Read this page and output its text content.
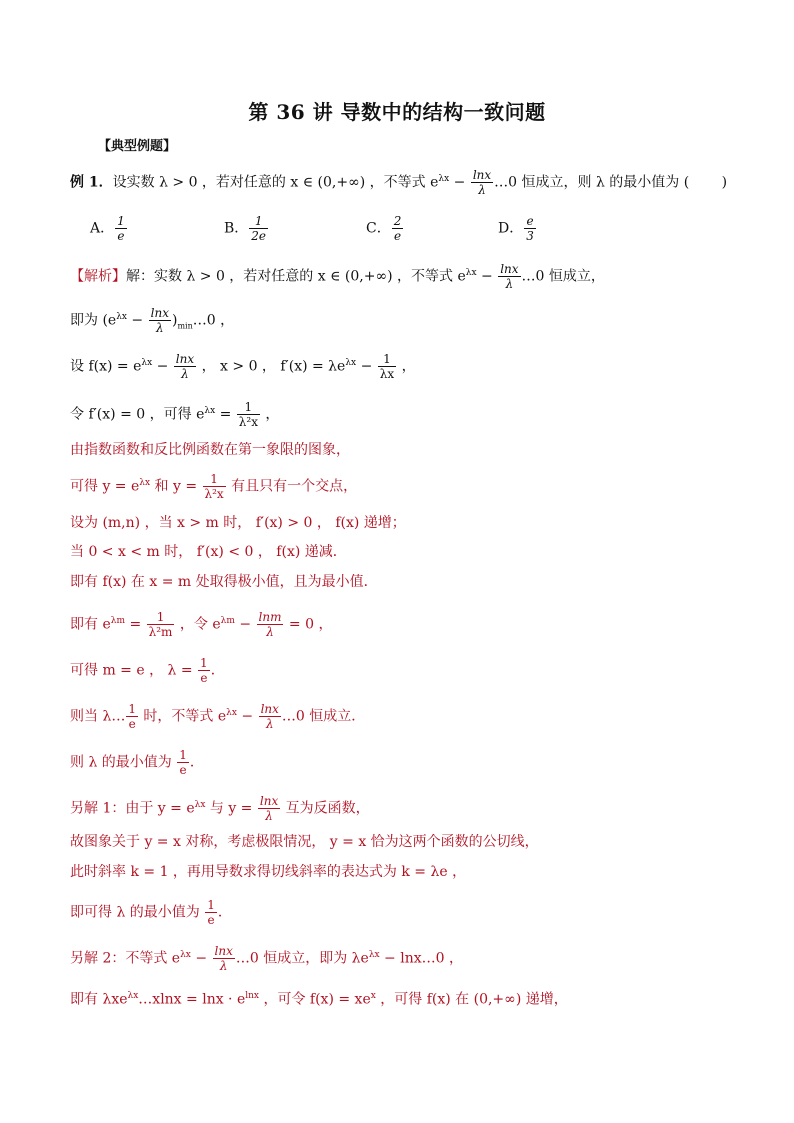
第 36 讲 导数中的结构一致问题
【典型例题】
例 1．设实数 λ > 0 ，若对任意的 x ∈ (0,+∞) ，不等式 $e^{\lambda x} - \frac{\ln x}{\lambda}$ …0 恒成立，则 λ 的最小值为 (　　 )
A． $\frac{1}{e}$	B． $\frac{1}{2e}$	C． $\frac{2}{e}$	D． $\frac{e}{3}$
【解析】解：实数 λ > 0 ，若对任意的 x ∈ (0,+∞) ，不等式 $e^{\lambda x} - \frac{\ln x}{\lambda}$ …0 恒成立，
即为 ($e^{\lambda x} - \frac{\ln x}{\lambda}$ )$_{min}\dots 0$ ，
设 $f(x) = e^{\lambda x} - \frac{\ln x}{\lambda}$ ， x > 0 ， $f'(x) = \lambda e^{\lambda x} - \frac{1}{\lambda x}$ ，
令 f′(x) = 0 ，可得 $e^{\lambda x} = \frac{1}{\text{λ²x}}$ ，
由指数函数和反比例函数在第一象限的图象，
可得 $y = e^{\lambda x}$ 和 $y = \frac{1}{\text{λ²x}}$ 有且只有一个交点，
设为 (m,n) ，当 x > m 时， f′(x) > 0 ， f(x) 递增；
当 0 < x < m 时， f′(x) < 0 ， f(x) 递减．
即有 f(x) 在 x = m 处取得极小值，且为最小值．
即有 $e^{\lambda m} = \frac{1}{\text{λ²m}}$ ，令 $e^{\lambda m} - \frac{\ln m}{\lambda} = 0$ ，
可得 m = e ， $\lambda = \frac{1}{e}$ ．
则当 λ… $\frac{1}{e}$ 时，不等式 $e^{\lambda x} - \frac{\ln x}{\lambda}$ …0 恒成立．
则 λ 的最小值为 $\frac{1}{e}$ ．
另解 1：由于 $y = e^{\lambda x}$ 与 $y = \frac{\ln x}{\lambda}$ 互为反函数，
故图象关于 y = x 对称，考虑极限情况， y = x 恰为这两个函数的公切线，
此时斜率 k = 1 ，再用导数求得切线斜率的表达式为 k = λe ，
即可得 λ 的最小值为 $\frac{1}{e}$ ．
另解 2：不等式 $e^{\lambda x} - \frac{\ln x}{\lambda}$ …0 恒成立，即为 $\lambda e^{\lambda x}$ − lnx…0 ，
即有 λxe$^{\lambda x}$…xlnx = $\ln x \cdot e^{lnx}$ ，可令 $f(x) = xe^x$ ，可得 f(x) 在 (0,+∞) 递增，
